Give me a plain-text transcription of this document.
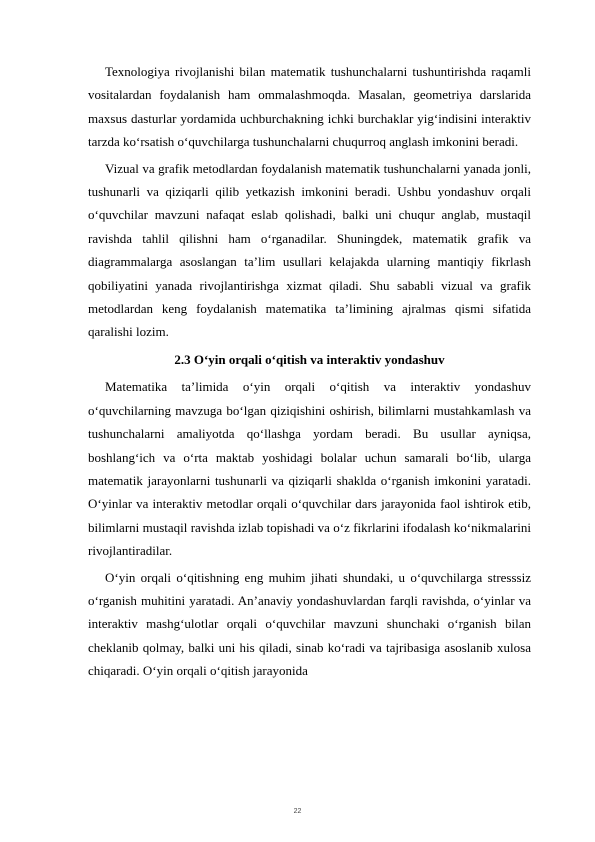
Texnologiya rivojlanishi bilan matematik tushunchalarni tushuntirishda raqamli vositalardan foydalanish ham ommalashmoqda. Masalan, geometriya darslarida maxsus dasturlar yordamida uchburchakning ichki burchaklar yig‘indisini interaktiv tarzda ko‘rsatish o‘quvchilarga tushunchalarni chuqurroq anglash imkonini beradi.

Vizual va grafik metodlardan foydalanish matematik tushunchalarni yanada jonli, tushunarli va qiziqarli qilib yetkazish imkonini beradi. Ushbu yondashuv orqali o‘quvchilar mavzuni nafaqat eslab qolishadi, balki uni chuqur anglab, mustaqil ravishda tahlil qilishni ham o‘rganadilar. Shuningdek, matematik grafik va diagrammalarga asoslangan ta’lim usullari kelajakda ularning mantiqiy fikrlash qobiliyatini yanada rivojlantirishga xizmat qiladi. Shu sababli vizual va grafik metodlardan keng foydalanish matematika ta’limining ajralmas qismi sifatida qaralishi lozim.

2.3 O‘yin orqali o‘qitish va interaktiv yondashuv

Matematika ta’limida o‘yin orqali o‘qitish va interaktiv yondashuv o‘quvchilarning mavzuga bo‘lgan qiziqishini oshirish, bilimlarni mustahkamlash va tushunchalarni amaliyotda qo‘llashga yordam beradi. Bu usullar ayniqsa, boshlang‘ich va o‘rta maktab yoshidagi bolalar uchun samarali bo‘lib, ularga matematik jarayonlarni tushunarli va qiziqarli shaklda o‘rganish imkonini yaratadi. O‘yinlar va interaktiv metodlar orqali o‘quvchilar dars jarayonida faol ishtirok etib, bilimlarni mustaqil ravishda izlab topishadi va o‘z fikrlarini ifodalash ko‘nikmalarini rivojlantiradilar.

O‘yin orqali o‘qitishning eng muhim jihati shundaki, u o‘quvchilarga stresssiz o‘rganish muhitini yaratadi. An’anaviy yondashuvlardan farqli ravishda, o‘yinlar va interaktiv mashg‘ulotlar orqali o‘quvchilar mavzuni shunchaki o‘rganish bilan cheklanib qolmay, balki uni his qiladi, sinab ko‘radi va tajribasiga asoslanib xulosa chiqaradi. O‘yin orqali o‘qitish jarayonida

22
